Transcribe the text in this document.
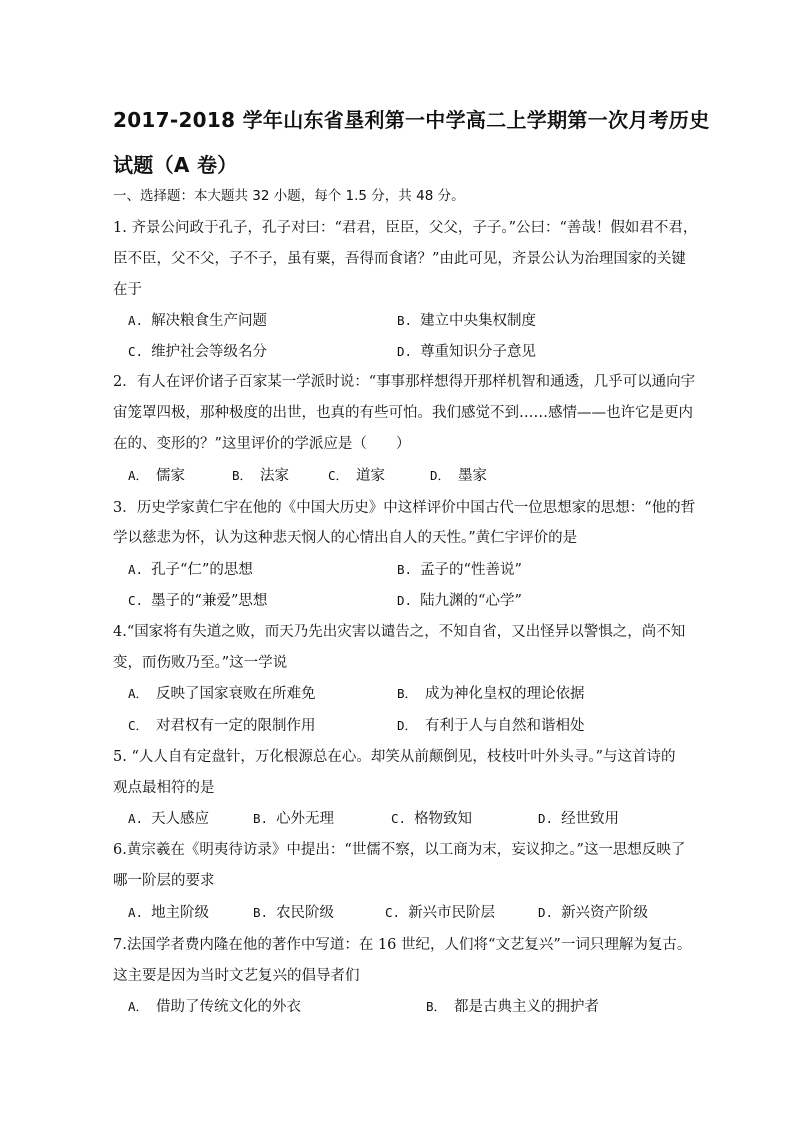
2017-2018 学年山东省垦利第一中学高二上学期第一次月考历史
试题（A 卷）
一、选择题：本大题共 32 小题，每个 1.5 分，共 48 分。
1. 齐景公问政于孔子，孔子对曰：“君君，臣臣，父父，子子。”公曰：“善哉！假如君不君，
臣不臣，父不父，子不子，虽有粟，吾得而食诸？”由此可见，齐景公认为治理国家的关键
在于
A. 解决粮食生产问题	B. 建立中央集权制度
C. 维护社会等级名分	D. 尊重知识分子意见
2．有人在评价诸子百家某一学派时说：“事事那样想得开那样机智和通透，几乎可以通向宇
宙笼罩四极，那种极度的出世，也真的有些可怕。我们感觉不到……感情——也许它是更内
在的、变形的？”这里评价的学派应是（　　）
A． 儒家	B． 法家	C． 道家	D． 墨家
3．历史学家黄仁宇在他的《中国大历史》中这样评价中国古代一位思想家的思想：“他的哲
学以慈悲为怀，认为这种悲天悯人的心情出自人的天性。”黄仁宇评价的是
A. 孔子“仁”的思想	B. 孟子的“性善说”
C. 墨子的“兼爱”思想	D. 陆九渊的“心学”
4.“国家将有失道之败，而天乃先出灾害以谴告之，不知自省，又出怪异以警惧之，尚不知
变，而伤败乃至。”这一学说
A． 反映了国家衰败在所难免	B． 成为神化皇权的理论依据
C． 对君权有一定的限制作用	D． 有利于人与自然和谐相处
5. “人人自有定盘针，万化根源总在心。却笑从前颠倒见，枝枝叶叶外头寻。”与这首诗的
观点最相符的是
A. 天人感应	B. 心外无理	C. 格物致知	D. 经世致用
6.黄宗羲在《明夷待访录》中提出：“世儒不察，以工商为末，妄议抑之。”这一思想反映了
哪一阶层的要求
A. 地主阶级	B. 农民阶级	C. 新兴市民阶层	D. 新兴资产阶级
7.法国学者费内隆在他的著作中写道：在 16 世纪，人们将“文艺复兴”一词只理解为复古。
这主要是因为当时文艺复兴的倡导者们
A． 借助了传统文化的外衣	B． 都是古典主义的拥护者
